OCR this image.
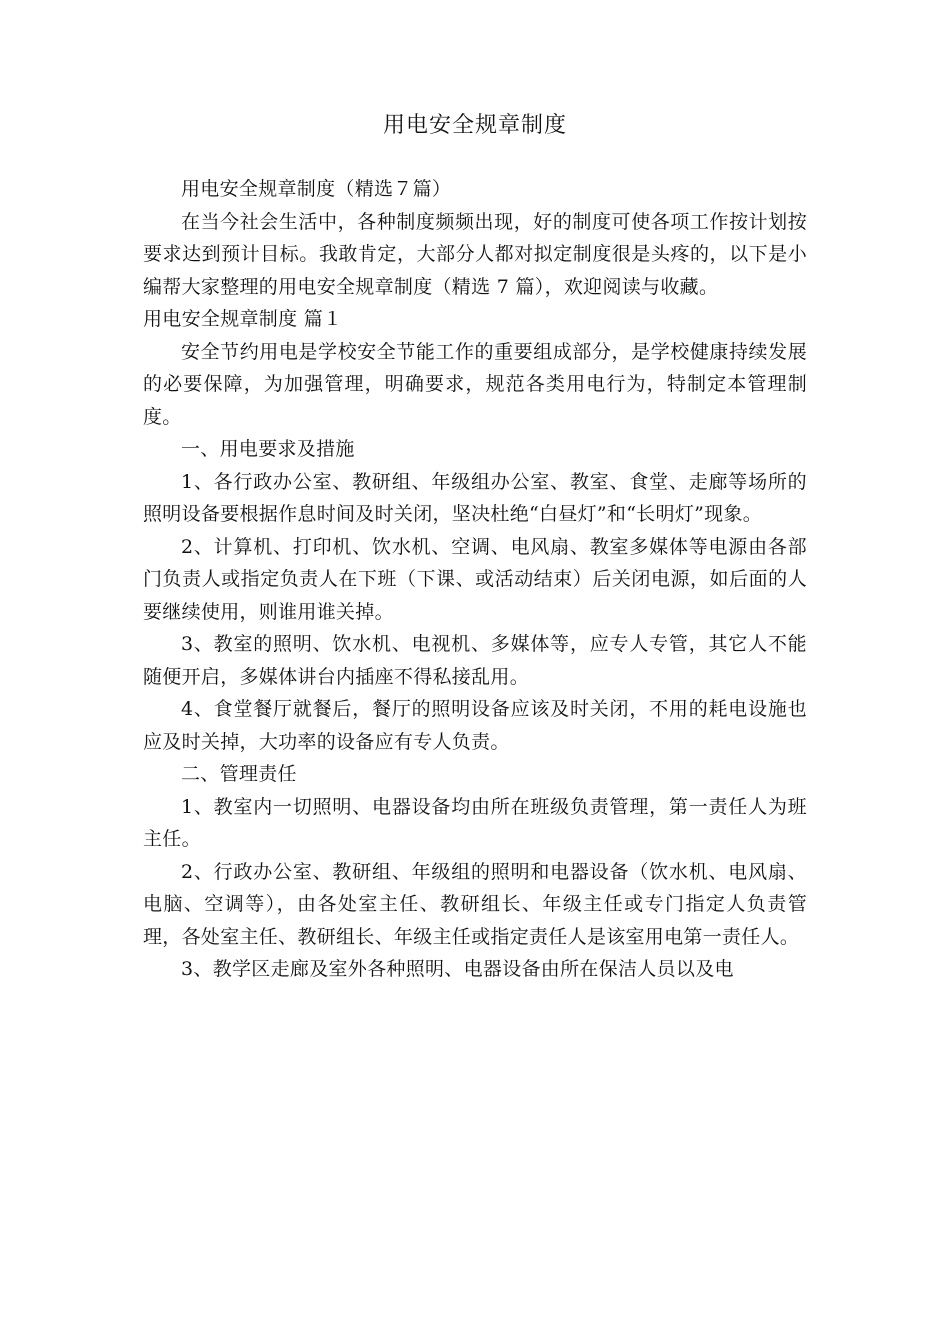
用电安全规章制度

用电安全规章制度（精选７篇）

在当今社会生活中，各种制度频频出现，好的制度可使各项工作按计划按要求达到预计目标。我敢肯定，大部分人都对拟定制度很是头疼的，以下是小编帮大家整理的用电安全规章制度（精选 7 篇），欢迎阅读与收藏。

用电安全规章制度 篇１

安全节约用电是学校安全节能工作的重要组成部分，是学校健康持续发展的必要保障，为加强管理，明确要求，规范各类用电行为，特制定本管理制度。

一、用电要求及措施

1、各行政办公室、教研组、年级组办公室、教室、食堂、走廊等场所的照明设备要根据作息时间及时关闭，坚决杜绝“白昼灯”和“长明灯”现象。

2、计算机、打印机、饮水机、空调、电风扇、教室多媒体等电源由各部门负责人或指定负责人在下班（下课、或活动结束）后关闭电源，如后面的人要继续使用，则谁用谁关掉。

3、教室的照明、饮水机、电视机、多媒体等，应专人专管，其它人不能随便开启，多媒体讲台内插座不得私接乱用。

4、食堂餐厅就餐后，餐厅的照明设备应该及时关闭，不用的耗电设施也应及时关掉，大功率的设备应有专人负责。

二、管理责任

1、教室内一切照明、电器设备均由所在班级负责管理，第一责任人为班主任。

2、行政办公室、教研组、年级组的照明和电器设备（饮水机、电风扇、电脑、空调等），由各处室主任、教研组长、年级主任或专门指定人负责管理，各处室主任、教研组长、年级主任或指定责任人是该室用电第一责任人。

3、教学区走廊及室外各种照明、电器设备由所在保洁人员以及电
